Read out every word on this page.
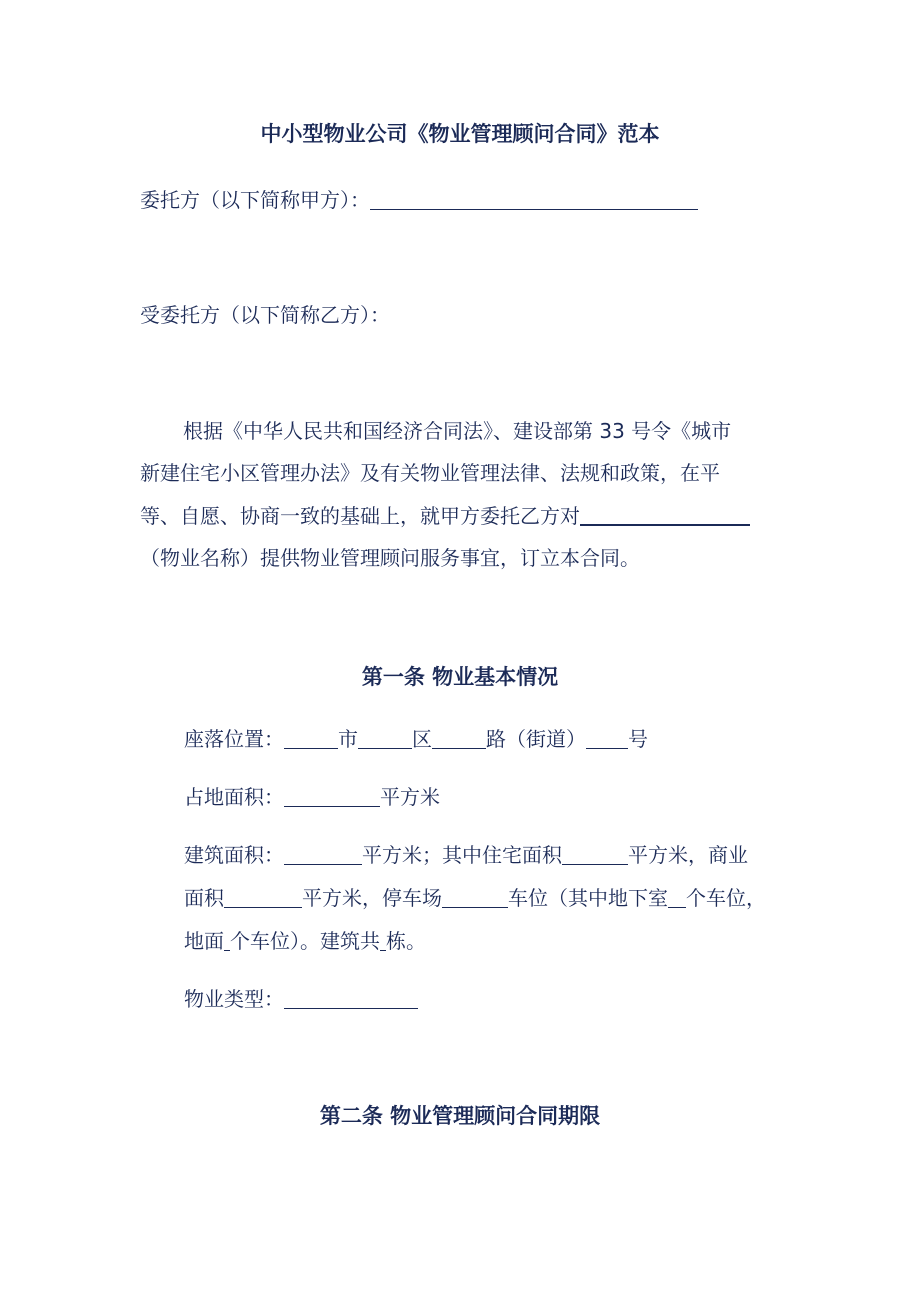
中小型物业公司《物业管理顾问合同》范本
委托方（以下简称甲方）：
受委托方（以下简称乙方）：
根据《中华人民共和国经济合同法》、建设部第 33 号令《城市
新建住宅小区管理办法》及有关物业管理法律、法规和政策，在平
等、自愿、协商一致的基础上，就甲方委托乙方对
（物业名称）提供物业管理顾问服务事宜，订立本合同。
第一条 物业基本情况
座落位置：	市	区	路（街道） 号
占地面积：	平方米
建筑面积：	平方米；其中住宅面积	平方米，商业
面积	平方米，停车场	车位（其中地下室 个车位，
地面 个车位）。建筑共 栋。
物业类型：
第二条 物业管理顾问合同期限
